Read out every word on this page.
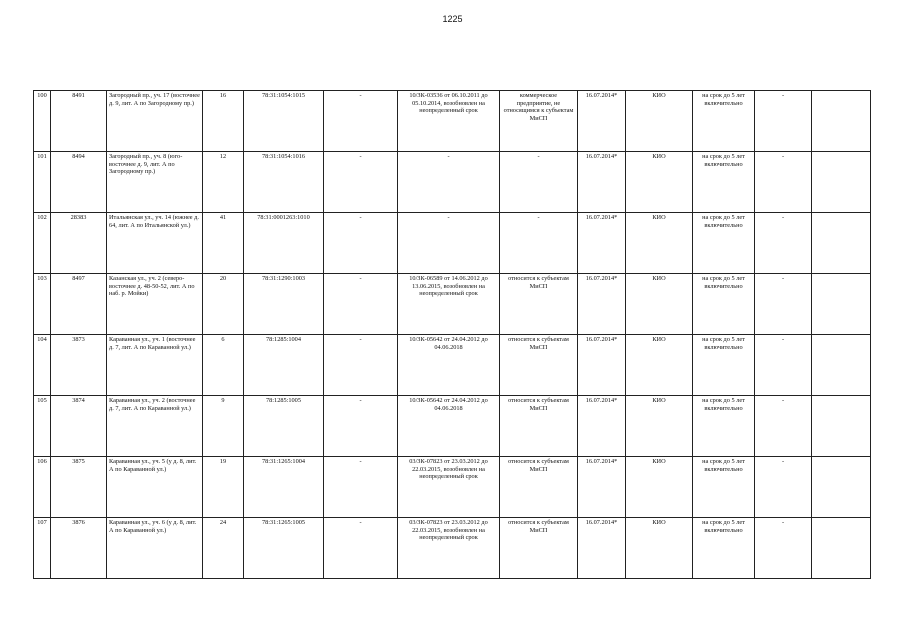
1225
100	8491	Загородный пр., уч. 17 (восточнее д. 9, лит. А по Загородному пр.)	16	78:31:1054:1015	-	10/ЗК-03536 от 06.10.2011 до 05.10.2014, возобновлен на неопределенный срок	коммерческое предприятие, не относящимся к субъектам МиСП	16.07.2014*	КИО	на срок до 5 лет включительно	-	
101	8494	Загородный пр., уч. 8 (юго-восточнее д. 9, лит. А по Загородному пр.)	12	78:31:1054:1016	-	-	-	16.07.2014*	КИО	на срок до 5 лет включительно	-	
102	28383	Итальянская ул., уч. 14 (южнее д. 64, лит. А по Итальянской ул.)	41	78:31:0001263:1010	-	-	-	16.07.2014*	КИО	на срок до 5 лет включительно	-	
103	8497	Казанская ул., уч. 2 (северо-восточнее д. 48-50-52, лит. А по наб. р. Мойки)	20	78:31:1290:1003	-	10/ЗК-06589 от 14.06.2012 до 13.06.2015, возобновлен на неопределенный срок	относится к субъектам МиСП	16.07.2014*	КИО	на срок до 5 лет включительно	-	
104	3873	Караванная ул., уч. 1 (восточнее д. 7, лит. А по Караванной ул.)	6	78:1285:1004	-	10/ЗК-05642 от 24.04.2012 до 04.06.2018	относится к субъектам МиСП	16.07.2014*	КИО	на срок до 5 лет включительно	-	
105	3874	Караванная ул., уч. 2 (восточнее д. 7, лит. А по Караванной ул.)	9	78:1285:1005	-	10/ЗК-05642 от 24.04.2012 до 04.06.2018	относится к субъектам МиСП	16.07.2014*	КИО	на срок до 5 лет включительно	-	
106	3875	Караванная ул., уч. 5 (у д. 8, лит. А по Караванной ул.)	19	78:31:1265:1004	-	03/ЗК-07823 от 23.03.2012 до 22.03.2015, возобновлен на неопределенный срок	относится к субъектам МиСП	16.07.2014*	КИО	на срок до 5 лет включительно	-	
107	3876	Караванная ул., уч. 6 (у д. 8, лит. А по Караванной ул.)	24	78:31:1265:1005	-	03/ЗК-07823 от 23.03.2012 до 22.03.2015, возобновлен на неопределенный срок	относится к субъектам МиСП	16.07.2014*	КИО	на срок до 5 лет включительно	-	
